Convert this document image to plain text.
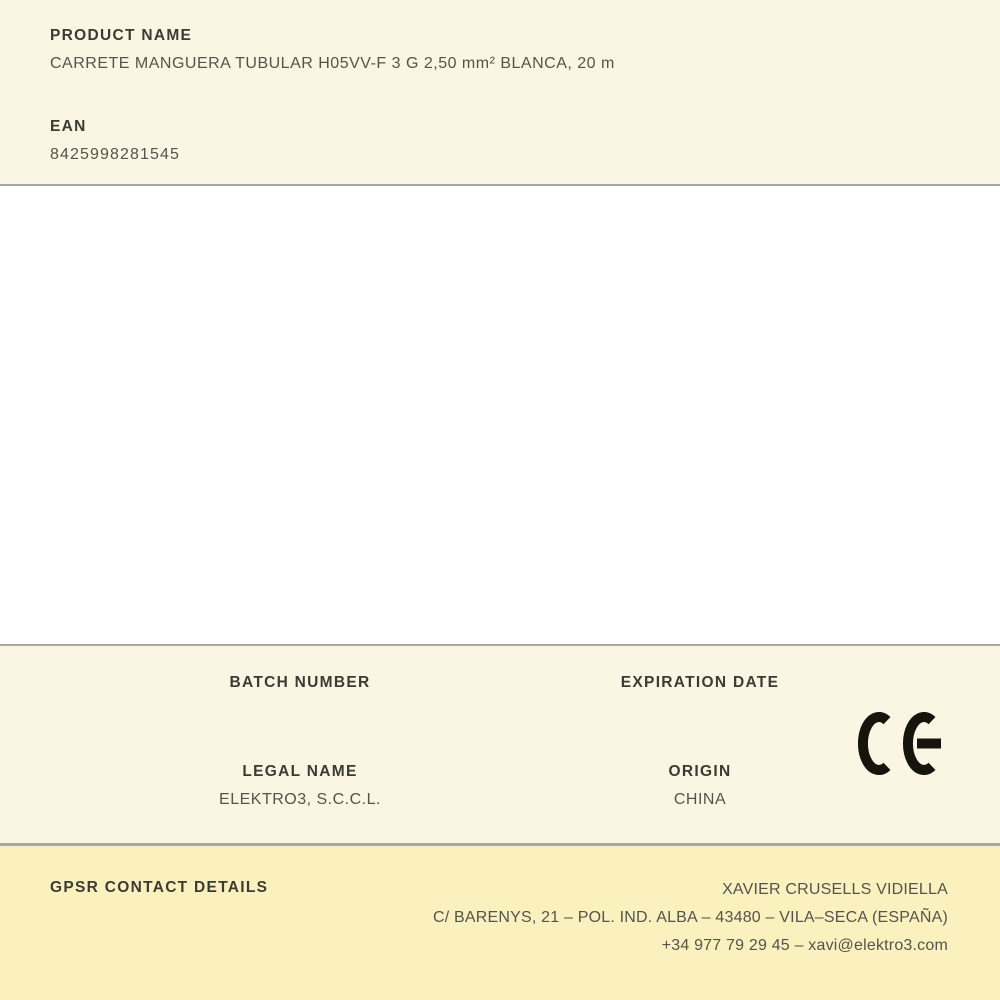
PRODUCT NAME
CARRETE MANGUERA TUBULAR H05VV-F 3 G 2,50 mm² BLANCA, 20 m
EAN
8425998281545
BATCH NUMBER
LEGAL NAME
ELEKTRO3, S.C.C.L.
EXPIRATION DATE
ORIGIN
CHINA
GPSR CONTACT DETAILS	XAVIER CRUSELLS VIDIELLA
C/ BARENYS, 21 – POL. IND. ALBA – 43480 – VILA–SECA (ESPAÑA)
+34 977 79 29 45 – xavi@elektro3.com
